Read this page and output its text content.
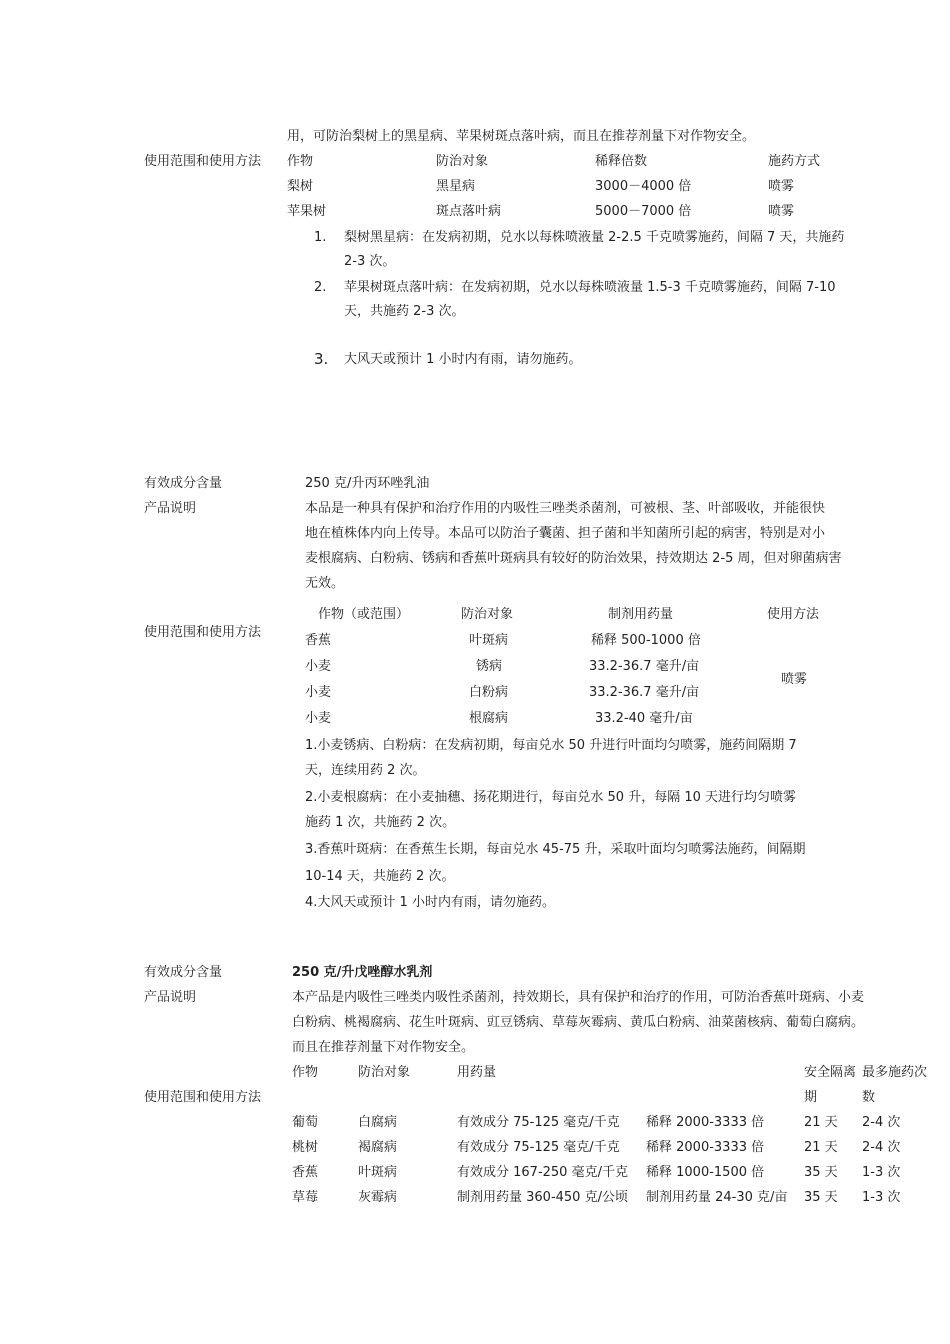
用，可防治梨树上的黑星病、苹果树斑点落叶病，而且在推荐剂量下对作物安全。
使用范围和使用方法 作物	防治对象	稀释倍数	施药方式
梨树	黑星病	3000－4000 倍	喷雾
苹果树	斑点落叶病	5000－7000 倍	喷雾
1. 梨树黑星病：在发病初期，兑水以每株喷液量 2-2.5 千克喷雾施药，间隔 7 天，共施药
2-3 次。
2. 苹果树斑点落叶病：在发病初期，兑水以每株喷液量 1.5-3 千克喷雾施药，间隔 7-10
天，共施药 2-3 次。
3. 大风天或预计 1 小时内有雨，请勿施药。
有效成分含量	250 克/升丙环唑乳油
产品说明	本品是一种具有保护和治疗作用的内吸性三唑类杀菌剂，可被根、茎、叶部吸收，并能很快
地在植株体内向上传导。本品可以防治子囊菌、担子菌和半知菌所引起的病害，特别是对小
麦根腐病、白粉病、锈病和香蕉叶斑病具有较好的防治效果，持效期达 2-5 周，但对卵菌病害
无效。
使用范围和使用方法
作物（或范围）	防治对象	制剂用药量	使用方法
香蕉	叶斑病	稀释 500-1000 倍
小麦	锈病	33.2-36.7 毫升/亩
小麦	白粉病	33.2-36.7 毫升/亩
小麦	根腐病	33.2-40 毫升/亩
喷雾
1.小麦锈病、白粉病：在发病初期，每亩兑水 50 升进行叶面均匀喷雾，施药间隔期 7
天，连续用药 2 次。
2.小麦根腐病：在小麦抽穗、扬花期进行，每亩兑水 50 升，每隔 10 天进行均匀喷雾
施药 1 次，共施药 2 次。
3.香蕉叶斑病：在香蕉生长期，每亩兑水 45-75 升，采取叶面均匀喷雾法施药，间隔期
10-14 天，共施药 2 次。
4.大风天或预计 1 小时内有雨，请勿施药。
有效成分含量	250 克/升戊唑醇水乳剂
产品说明	本产品是内吸性三唑类内吸性杀菌剂，持效期长，具有保护和治疗的作用，可防治香蕉叶斑病、小麦
白粉病、桃褐腐病、花生叶斑病、豇豆锈病、草莓灰霉病、黄瓜白粉病、油菜菌核病、葡萄白腐病。
而且在推荐剂量下对作物安全。
作物	防治对象	用药量	安全隔离 最多施药次
期	数
使用范围和使用方法
葡萄	白腐病	有效成分 75-125 毫克/千克 稀释 2000-3333 倍	21 天 2-4 次
桃树	褐腐病	有效成分 75-125 毫克/千克 稀释 2000-3333 倍	21 天 2-4 次
香蕉	叶斑病	有效成分 167-250 毫克/千克 稀释 1000-1500 倍	35 天 1-3 次
草莓	灰霉病	制剂用药量 360-450 克/公顷 制剂用药量 24-30 克/亩 35 天 1-3 次
